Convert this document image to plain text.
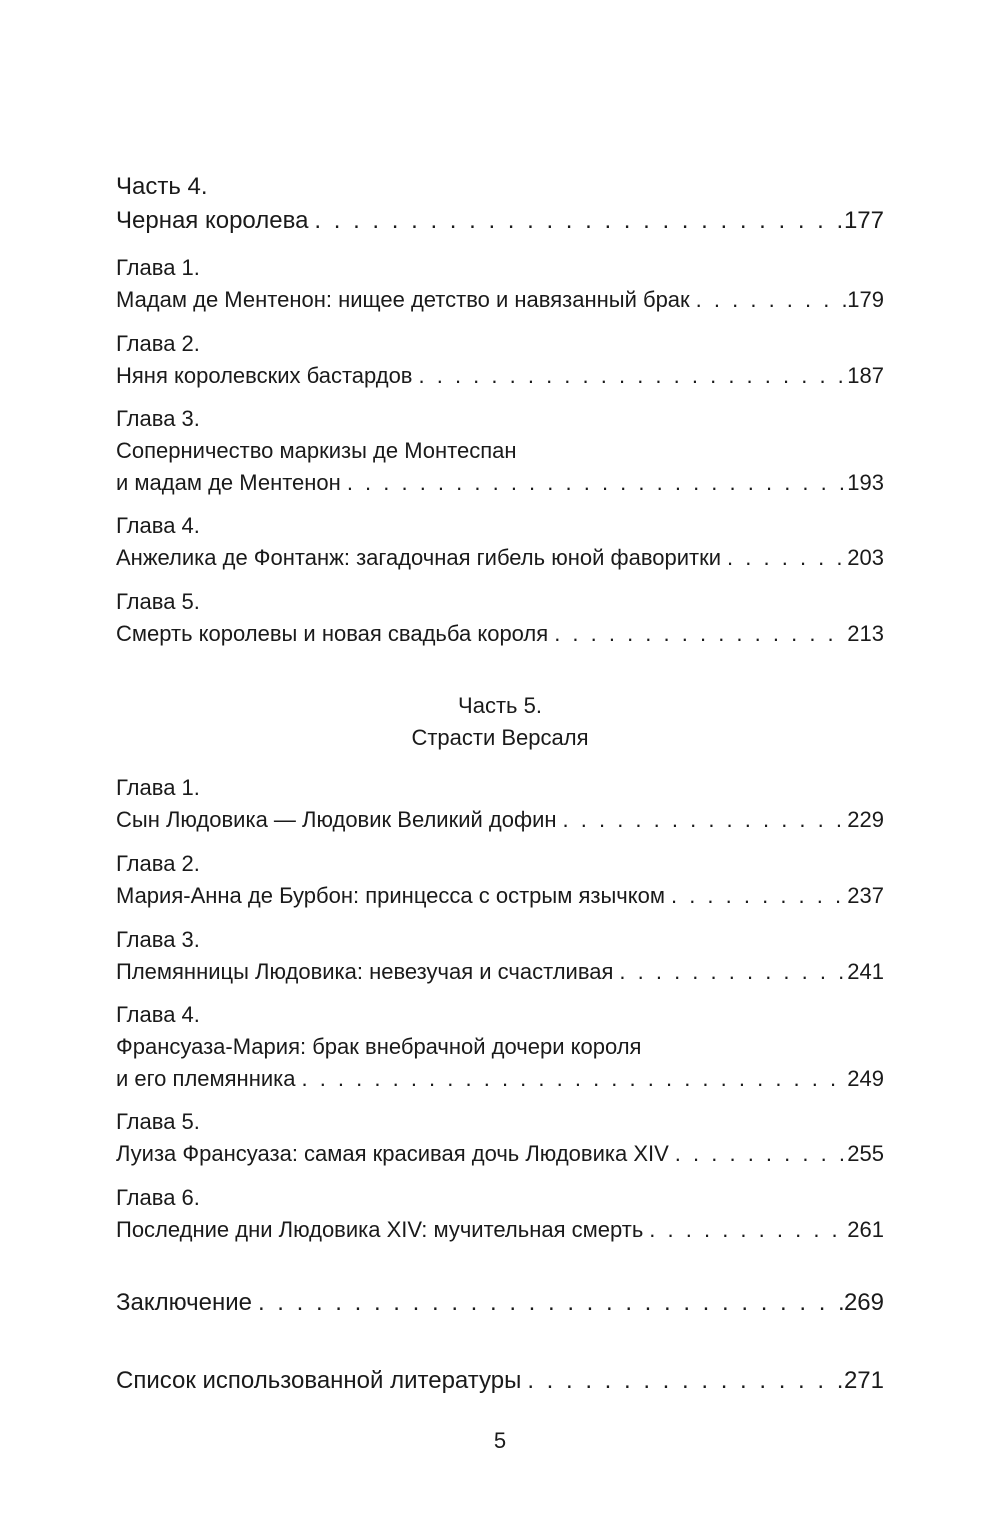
Часть 4.
Черная королева . . .	177
Глава 1.
Мадам де Ментенон: нищее детство и навязанный брак . . .	179
Глава 2.
Няня королевских бастардов . . .	187
Глава 3.
Соперничество маркизы де Монтеспан
и мадам де Ментенон . . .	193
Глава 4.
Анжелика де Фонтанж: загадочная гибель юной фаворитки . . .	203
Глава 5.
Смерть королевы и новая свадьба короля . . .	213
Часть 5.
Страсти Версаля
Глава 1.
Сын Людовика — Людовик Великий дофин . . .	229
Глава 2.
Мария-Анна де Бурбон: принцесса с острым язычком . . .	237
Глава 3.
Племянницы Людовика: невезучая и счастливая . . .	241
Глава 4.
Франсуаза-Мария: брак внебрачной дочери короля
и его племянника . . .	249
Глава 5.
Луиза Франсуаза: самая красивая дочь Людовика XIV . . .	255
Глава 6.
Последние дни Людовика XIV: мучительная смерть . . .	261
Заключение . . .	269
Список использованной литературы . . .	271
5
